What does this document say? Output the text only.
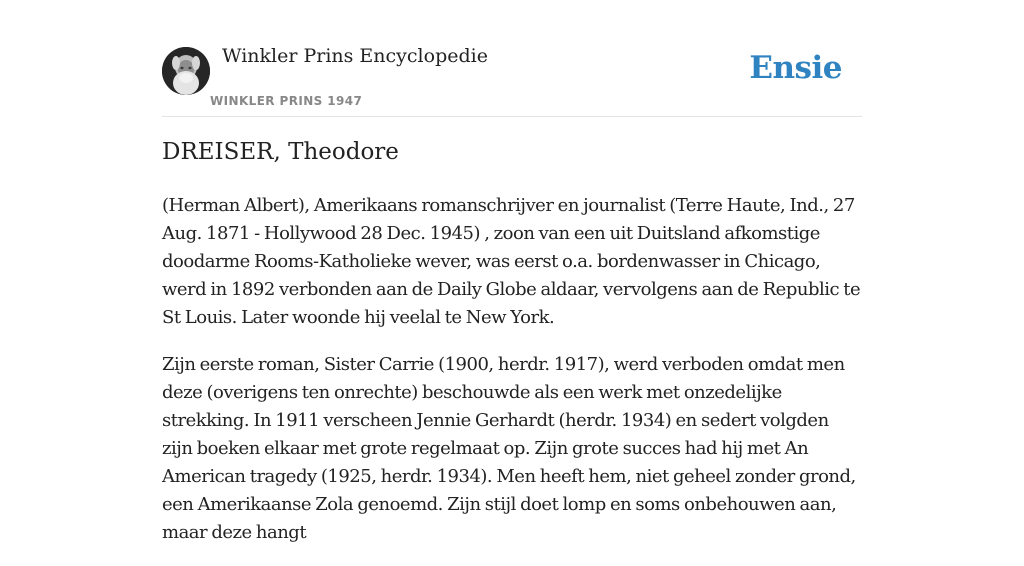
Winkler Prins Encyclopedie
WINKLER PRINS 1947
Ensie
DREISER, Theodore

(Herman Albert), Amerikaans romanschrijver en journalist (Terre Haute, Ind., 27 Aug. 1871 - Hollywood 28 Dec. 1945) , zoon van een uit Duitsland afkomstige doodarme Rooms-Katholieke wever, was eerst o.a. bordenwasser in Chicago, werd in 1892 verbonden aan de Daily Globe aldaar, vervolgens aan de Republic te St Louis. Later woonde hij veelal te New York.

Zijn eerste roman, Sister Carrie (1900, herdr. 1917), werd verboden omdat men deze (overigens ten onrechte) beschouwde als een werk met onzedelijke strekking. In 1911 verscheen Jennie Gerhardt (herdr. 1934) en sedert volgden zijn boeken elkaar met grote regelmaat op. Zijn grote succes had hij met An American tragedy (1925, herdr. 1934). Men heeft hem, niet geheel zonder grond, een Amerikaanse Zola genoemd. Zijn stijl doet lomp en soms onbehouwen aan, maar deze hangt
